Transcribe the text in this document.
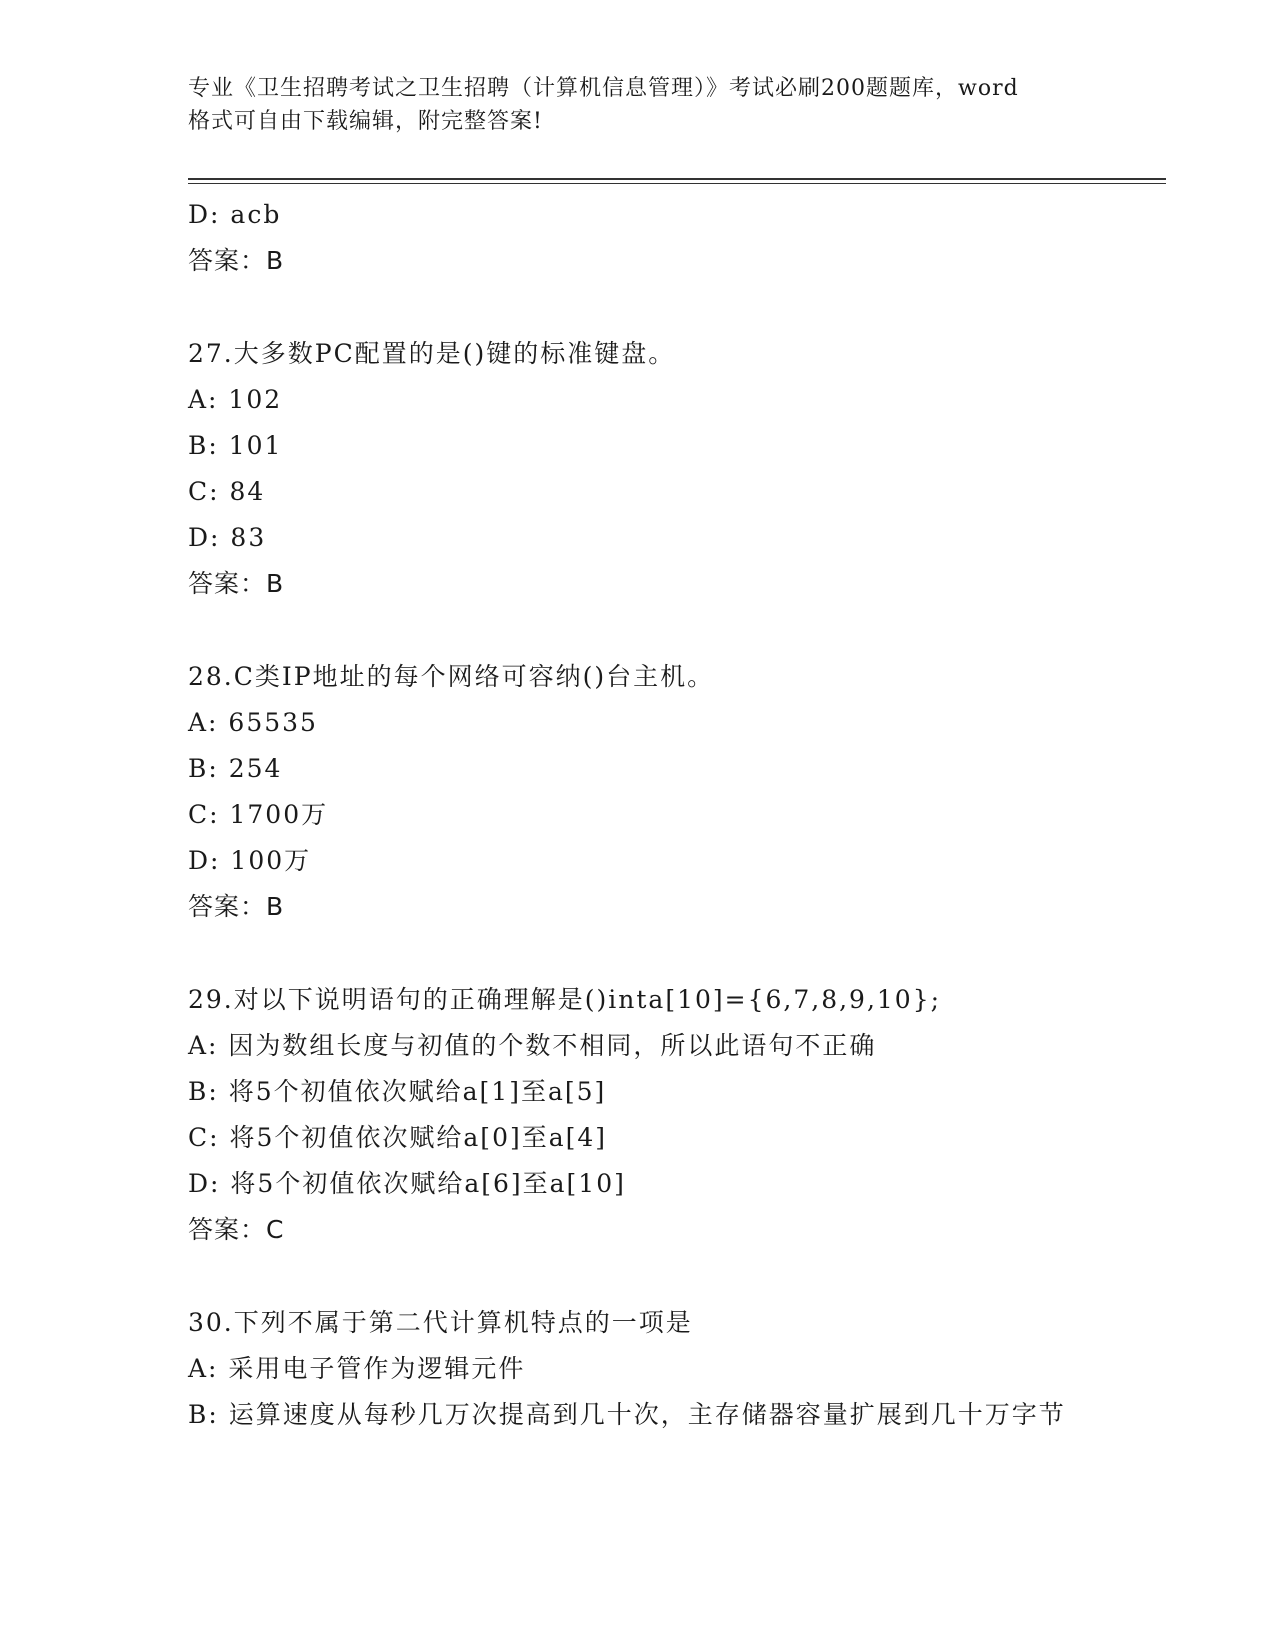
专业《卫生招聘考试之卫生招聘（计算机信息管理）》考试必刷200题题库，word
格式可自由下载编辑，附完整答案!
D: acb
答案：B
27.大多数PC配置的是()键的标准键盘。
A: 102
B: 101
C: 84
D: 83
答案：B
28.C类IP地址的每个网络可容纳()台主机。
A: 65535
B: 254
C: 1700万
D: 100万
答案：B
29.对以下说明语句的正确理解是()inta[10]={6,7,8,9,10};
A: 因为数组长度与初值的个数不相同，所以此语句不正确
B: 将5个初值依次赋给a[1]至a[5]
C: 将5个初值依次赋给a[0]至a[4]
D: 将5个初值依次赋给a[6]至a[10]
答案：C
30.下列不属于第二代计算机特点的一项是
A: 采用电子管作为逻辑元件
B: 运算速度从每秒几万次提高到几十次，主存储器容量扩展到几十万字节
